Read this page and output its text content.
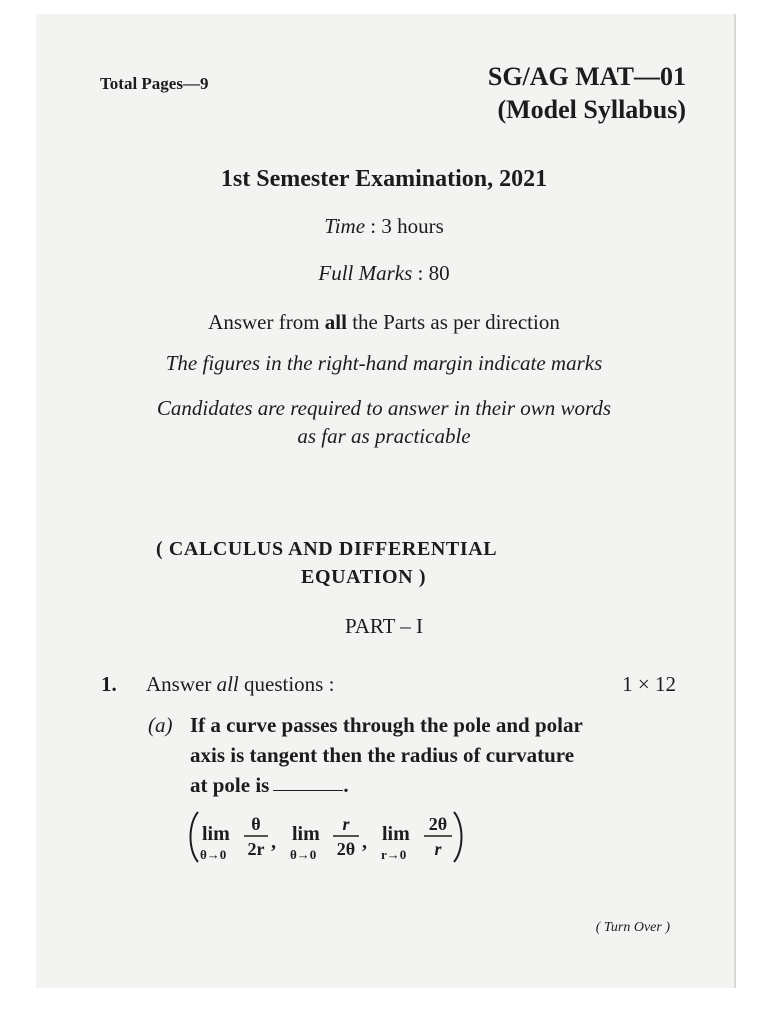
Total Pages—9	SG/AG MAT—01
(Model Syllabus)
1st Semester Examination, 2021
Time : 3 hours
Full Marks : 80
Answer from all the Parts as per direction
The figures in the right-hand margin indicate marks
Candidates are required to answer in their own words
as far as practicable
( CALCULUS AND DIFFERENTIAL
EQUATION )
PART – I
1. Answer all questions :	1 × 12
(a) If a curve passes through the pole and polar
axis is tangent then the radius of curvature
at pole is	.
lim
θ→0
θ
2r , lim
θ→0
r
2θ , lim
r→0
2θ
r
( Turn Over )
